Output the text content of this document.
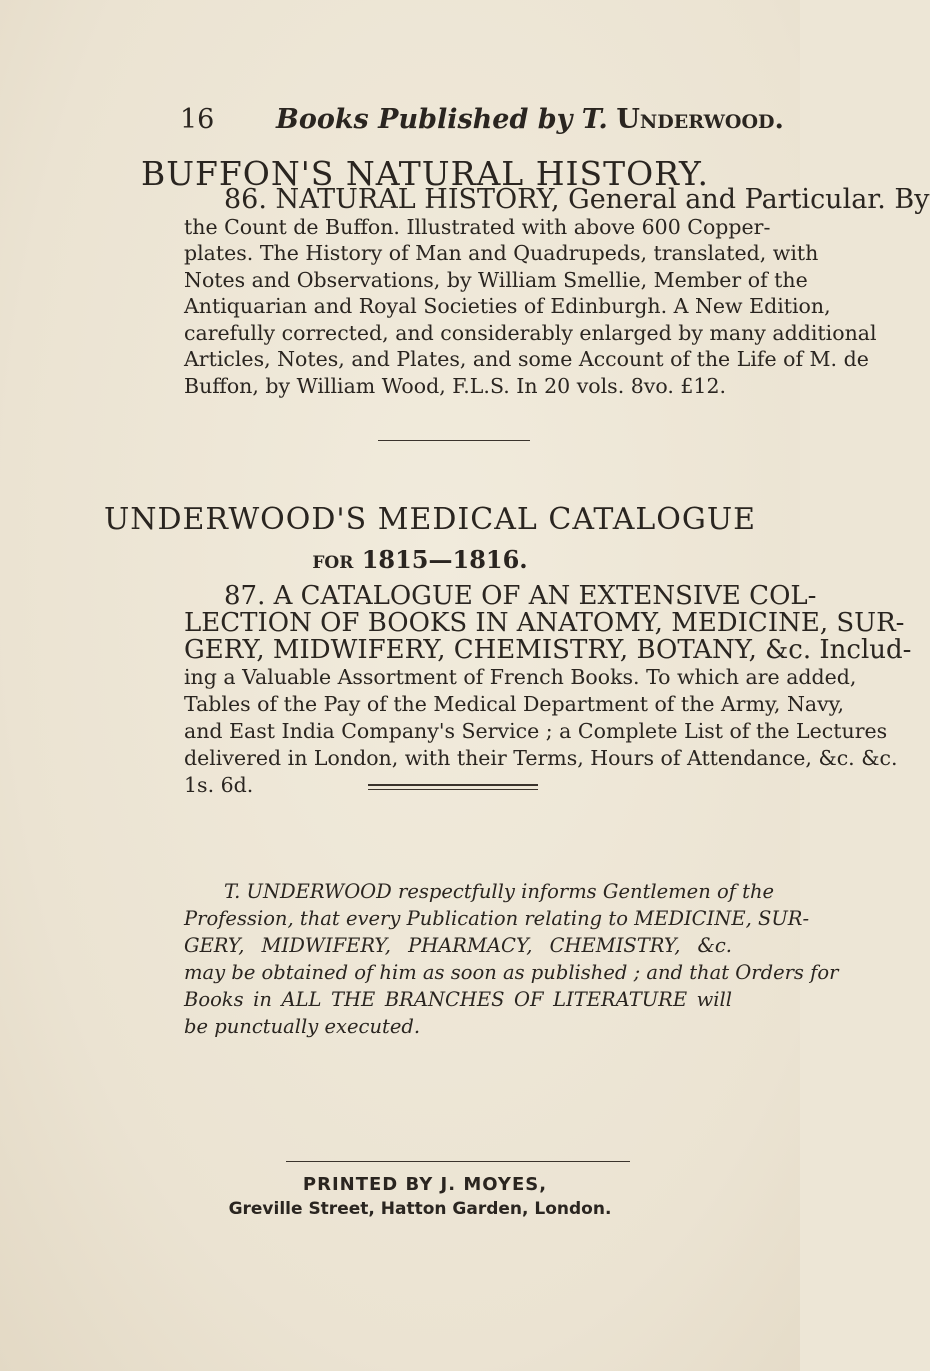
16 Books Published by T. Underwood.
BUFFON'S NATURAL HISTORY.
86. NATURAL HISTORY, General and Particular. By
the Count de Buffon. Illustrated with above 600 Copper-
plates. The History of Man and Quadrupeds, translated, with
Notes and Observations, by William Smellie, Member of the
Antiquarian and Royal Societies of Edinburgh. A New Edition,
carefully corrected, and considerably enlarged by many additional
Articles, Notes, and Plates, and some Account of the Life of M. de
Buffon, by William Wood, F.L.S. In 20 vols. 8vo. £12.
UNDERWOOD'S MEDICAL CATALOGUE
FOR 1815—1816.
87. A CATALOGUE OF AN EXTENSIVE COL-
LECTION OF BOOKS IN ANATOMY, MEDICINE, SUR-
GERY, MIDWIFERY, CHEMISTRY, BOTANY, &c. Includ-
ing a Valuable Assortment of French Books. To which are added,
Tables of the Pay of the Medical Department of the Army, Navy,
and East India Company's Service ; a Complete List of the Lectures
delivered in London, with their Terms, Hours of Attendance, &c. &c.
1s. 6d.
T. UNDERWOOD respectfully informs Gentlemen of the
Profession, that every Publication relating to MEDICINE, SUR-
GERY, MIDWIFERY, PHARMACY, CHEMISTRY, &c.
may be obtained of him as soon as published ; and that Orders for
Books in ALL THE BRANCHES OF LITERATURE will
be punctually executed.
PRINTED BY J. MOYES,
Greville Street, Hatton Garden, London.
